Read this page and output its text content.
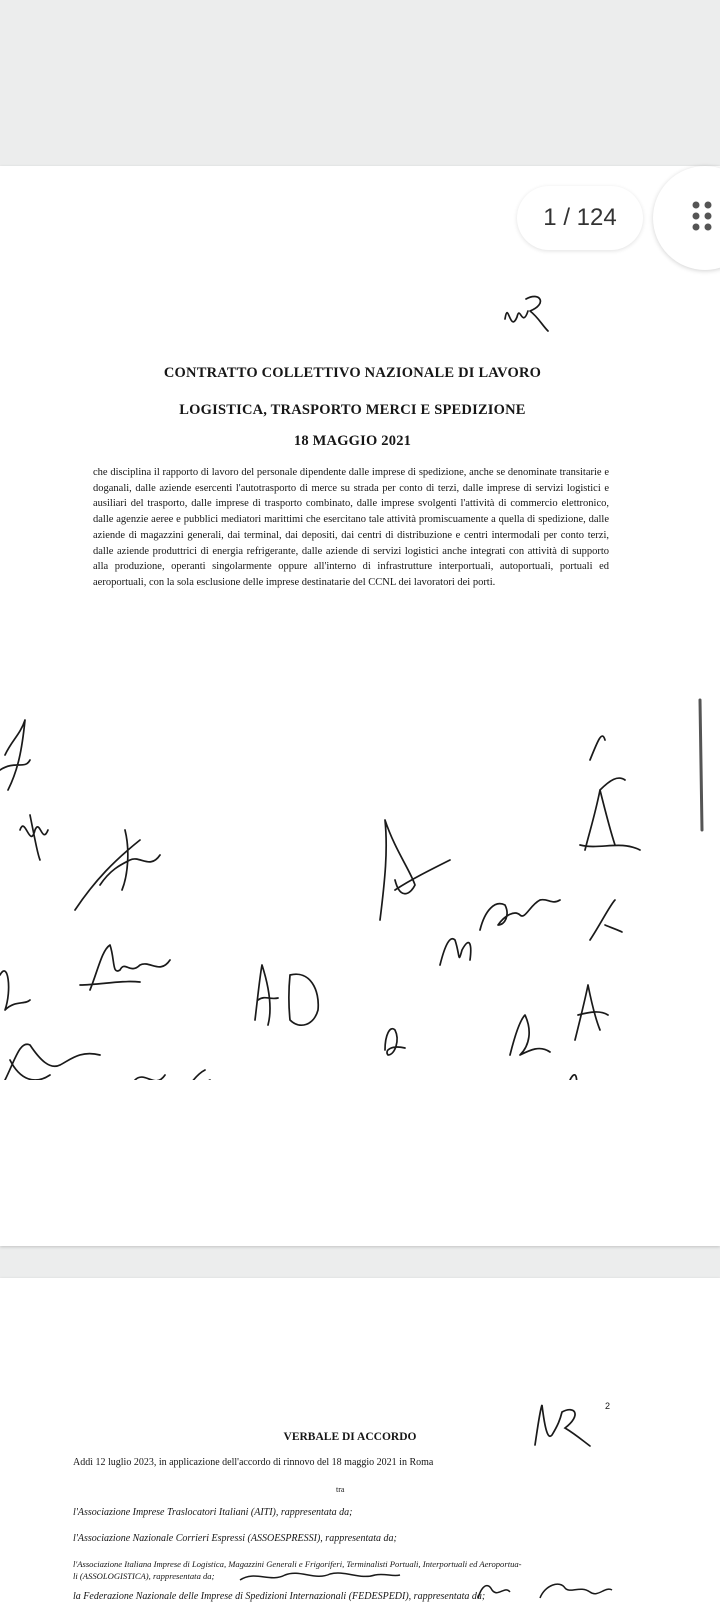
1 / 124
CONTRATTO COLLETTIVO NAZIONALE DI LAVORO
LOGISTICA, TRASPORTO MERCI E SPEDIZIONE
18 MAGGIO 2021
che disciplina il rapporto di lavoro del personale dipendente dalle imprese di spedizione, anche se denominate transitarie e doganali, dalle aziende esercenti l'autotrasporto di merce su strada per conto di terzi, dalle imprese di servizi logistici e ausiliari del trasporto, dalle imprese di trasporto combinato, dalle imprese svolgenti l'attività di commercio elettronico, dalle agenzie aeree e pubblici mediatori marittimi che esercitano tale attività promiscuamente a quella di spedizione, dalle aziende di magazzini generali, dai terminal, dai depositi, dai centri di distribuzione e centri intermodali per conto terzi, dalle aziende produttrici di energia refrigerante, dalle aziende di servizi logistici anche integrati con attività di supporto alla produzione, operanti singolarmente oppure all'interno di infrastrutture interportuali, autoportuali, portuali ed aeroportuali, con la sola esclusione delle imprese destinatarie del CCNL dei lavoratori dei porti.
2
VERBALE DI ACCORDO
Addì 12 luglio 2023, in applicazione dell'accordo di rinnovo del 18 maggio 2021 in Roma
tra
l'Associazione Imprese Traslocatori Italiani (AITI), rappresentata da;
l'Associazione Nazionale Corrieri Espressi (ASSOESPRESSI), rappresentata da;
l'Associazione Italiana Imprese di Logistica, Magazzini Generali e Frigoriferi, Terminalisti Portuali, Interportuali ed Aeroportua-
li (ASSOLOGISTICA), rappresentata da;
la Federazione Nazionale delle Imprese di Spedizioni Internazionali (FEDESPEDI), rappresentata da;
